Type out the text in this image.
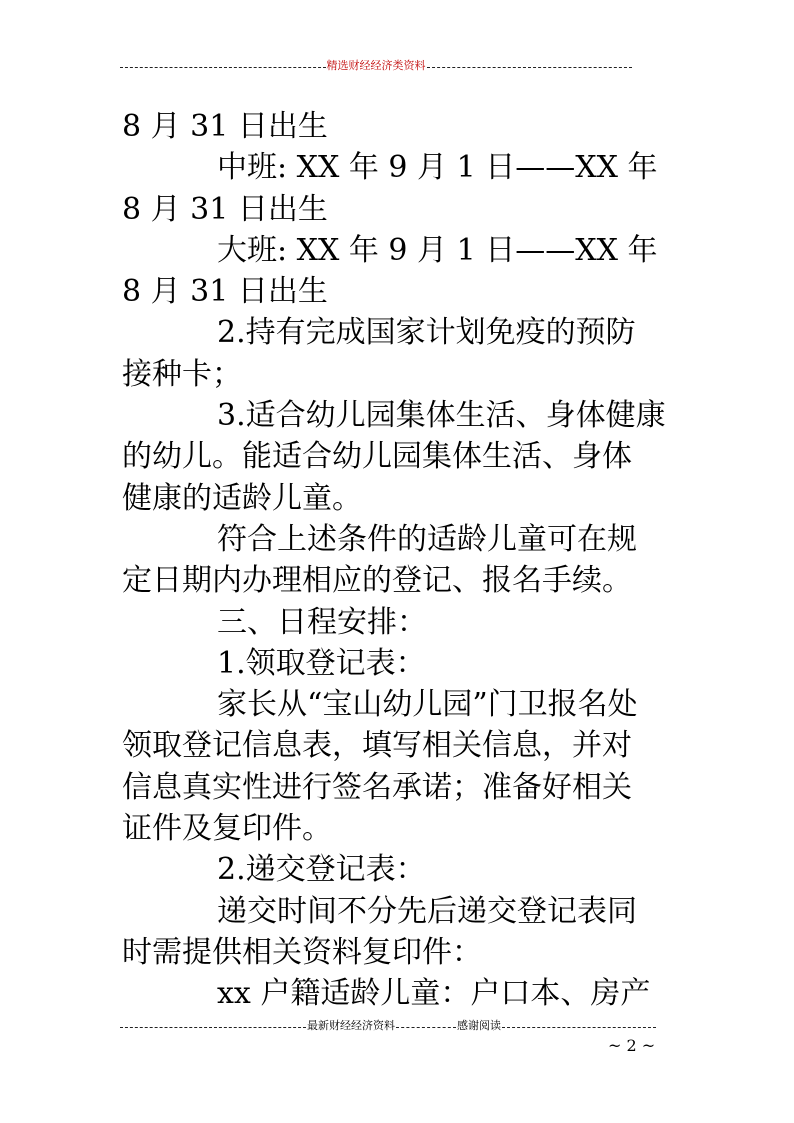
精选财经经济类资料
8 月 31 日出生
中班: XX 年 9 月 1 日——XX 年
8 月 31 日出生
大班: XX 年 9 月 1 日——XX 年
8 月 31 日出生
2.持有完成国家计划免疫的预防
接种卡；
3.适合幼儿园集体生活、身体健康
的幼儿。能适合幼儿园集体生活、身体
健康的适龄儿童。
符合上述条件的适龄儿童可在规
定日期内办理相应的登记、报名手续。
三、日程安排：
1.领取登记表：
家长从“宝山幼儿园”门卫报名处
领取登记信息表，填写相关信息，并对
信息真实性进行签名承诺；准备好相关
证件及复印件。
2.递交登记表：
递交时间不分先后递交登记表同
时需提供相关资料复印件：
xx 户籍适龄儿童：户口本、房产
最新财经经济资料	感谢阅读
~ 2 ~
